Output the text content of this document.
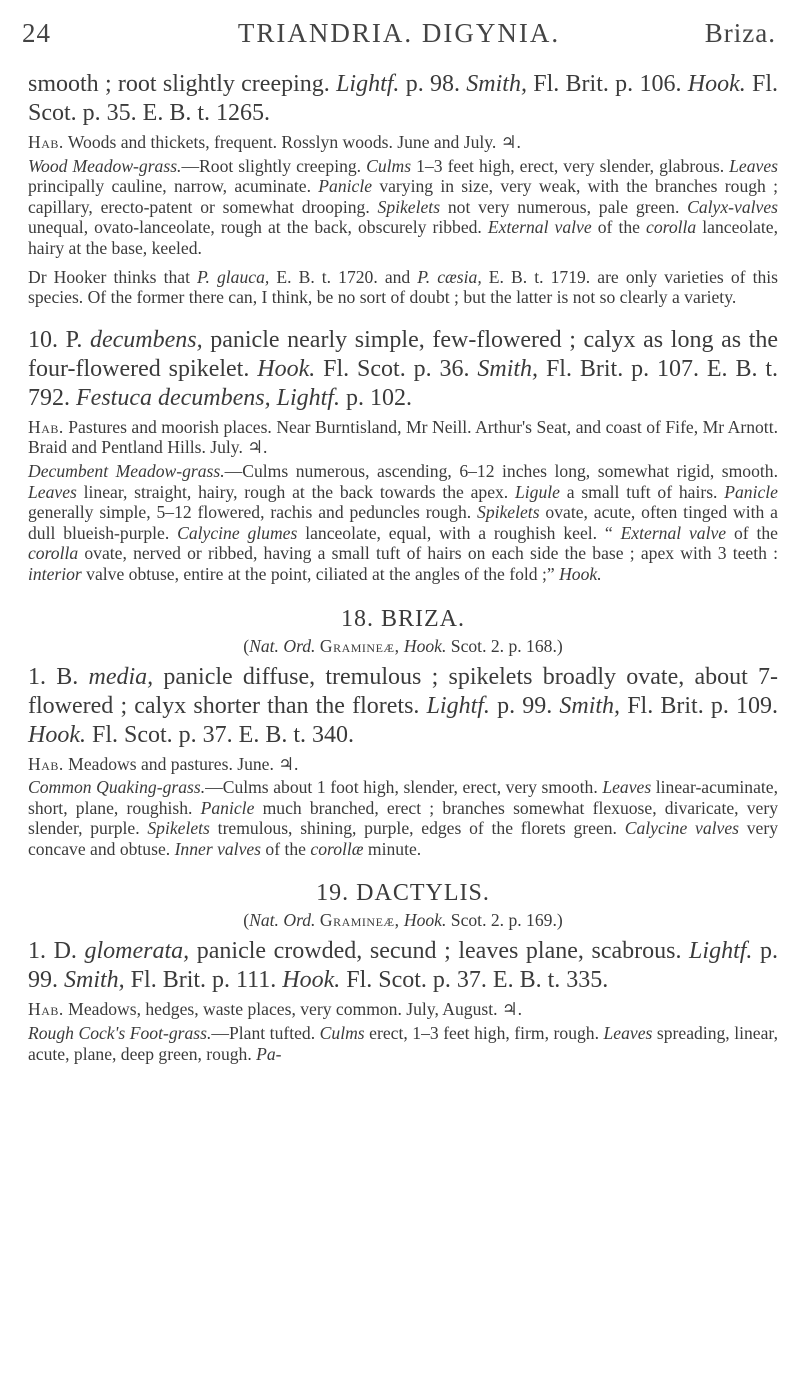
24	TRIANDRIA. DIGYNIA.	Briza.

smooth ; root slightly creeping. Lightf. p. 98. Smith, Fl. Brit. p. 106. Hook. Fl. Scot. p. 35. E. B. t. 1265.

Hab. Woods and thickets, frequent. Rosslyn woods. June and July. ♃.

Wood Meadow-grass.—Root slightly creeping. Culms 1–3 feet high, erect, very slender, glabrous. Leaves principally cauline, narrow, acuminate. Panicle varying in size, very weak, with the branches rough ; capillary, erecto-patent or somewhat drooping. Spikelets not very numerous, pale green. Calyx-valves unequal, ovato-lanceolate, rough at the back, obscurely ribbed. External valve of the corolla lanceolate, hairy at the base, keeled.

Dr Hooker thinks that P. glauca, E. B. t. 1720. and P. cæsia, E. B. t. 1719. are only varieties of this species. Of the former there can, I think, be no sort of doubt ; but the latter is not so clearly a variety.

10. P. decumbens, panicle nearly simple, few-flowered ; calyx as long as the four-flowered spikelet. Hook. Fl. Scot. p. 36. Smith, Fl. Brit. p. 107. E. B. t. 792. Festuca decumbens, Lightf. p. 102.

Hab. Pastures and moorish places. Near Burntisland, Mr Neill. Arthur's Seat, and coast of Fife, Mr Arnott. Braid and Pentland Hills. July. ♃.

Decumbent Meadow-grass.—Culms numerous, ascending, 6–12 inches long, somewhat rigid, smooth. Leaves linear, straight, hairy, rough at the back towards the apex. Ligule a small tuft of hairs. Panicle generally simple, 5–12 flowered, rachis and peduncles rough. Spikelets ovate, acute, often tinged with a dull blueish-purple. Calycine glumes lanceolate, equal, with a roughish keel. “ External valve of the corolla ovate, nerved or ribbed, having a small tuft of hairs on each side the base ; apex with 3 teeth : interior valve obtuse, entire at the point, ciliated at the angles of the fold ;” Hook.

18. BRIZA.
(Nat. Ord. Gramineæ, Hook. Scot. 2. p. 168.)

1. B. media, panicle diffuse, tremulous ; spikelets broadly ovate, about 7-flowered ; calyx shorter than the florets. Lightf. p. 99. Smith, Fl. Brit. p. 109. Hook. Fl. Scot. p. 37. E. B. t. 340.

Hab. Meadows and pastures. June. ♃.

Common Quaking-grass.—Culms about 1 foot high, slender, erect, very smooth. Leaves linear-acuminate, short, plane, roughish. Panicle much branched, erect ; branches somewhat flexuose, divaricate, very slender, purple. Spikelets tremulous, shining, purple, edges of the florets green. Calycine valves very concave and obtuse. Inner valves of the corollæ minute.

19. DACTYLIS.
(Nat. Ord. Gramineæ, Hook. Scot. 2. p. 169.)

1. D. glomerata, panicle crowded, secund ; leaves plane, scabrous. Lightf. p. 99. Smith, Fl. Brit. p. 111. Hook. Fl. Scot. p. 37. E. B. t. 335.

Hab. Meadows, hedges, waste places, very common. July, August. ♃.

Rough Cock's Foot-grass.—Plant tufted. Culms erect, 1–3 feet high, firm, rough. Leaves spreading, linear, acute, plane, deep green, rough. Pa-
